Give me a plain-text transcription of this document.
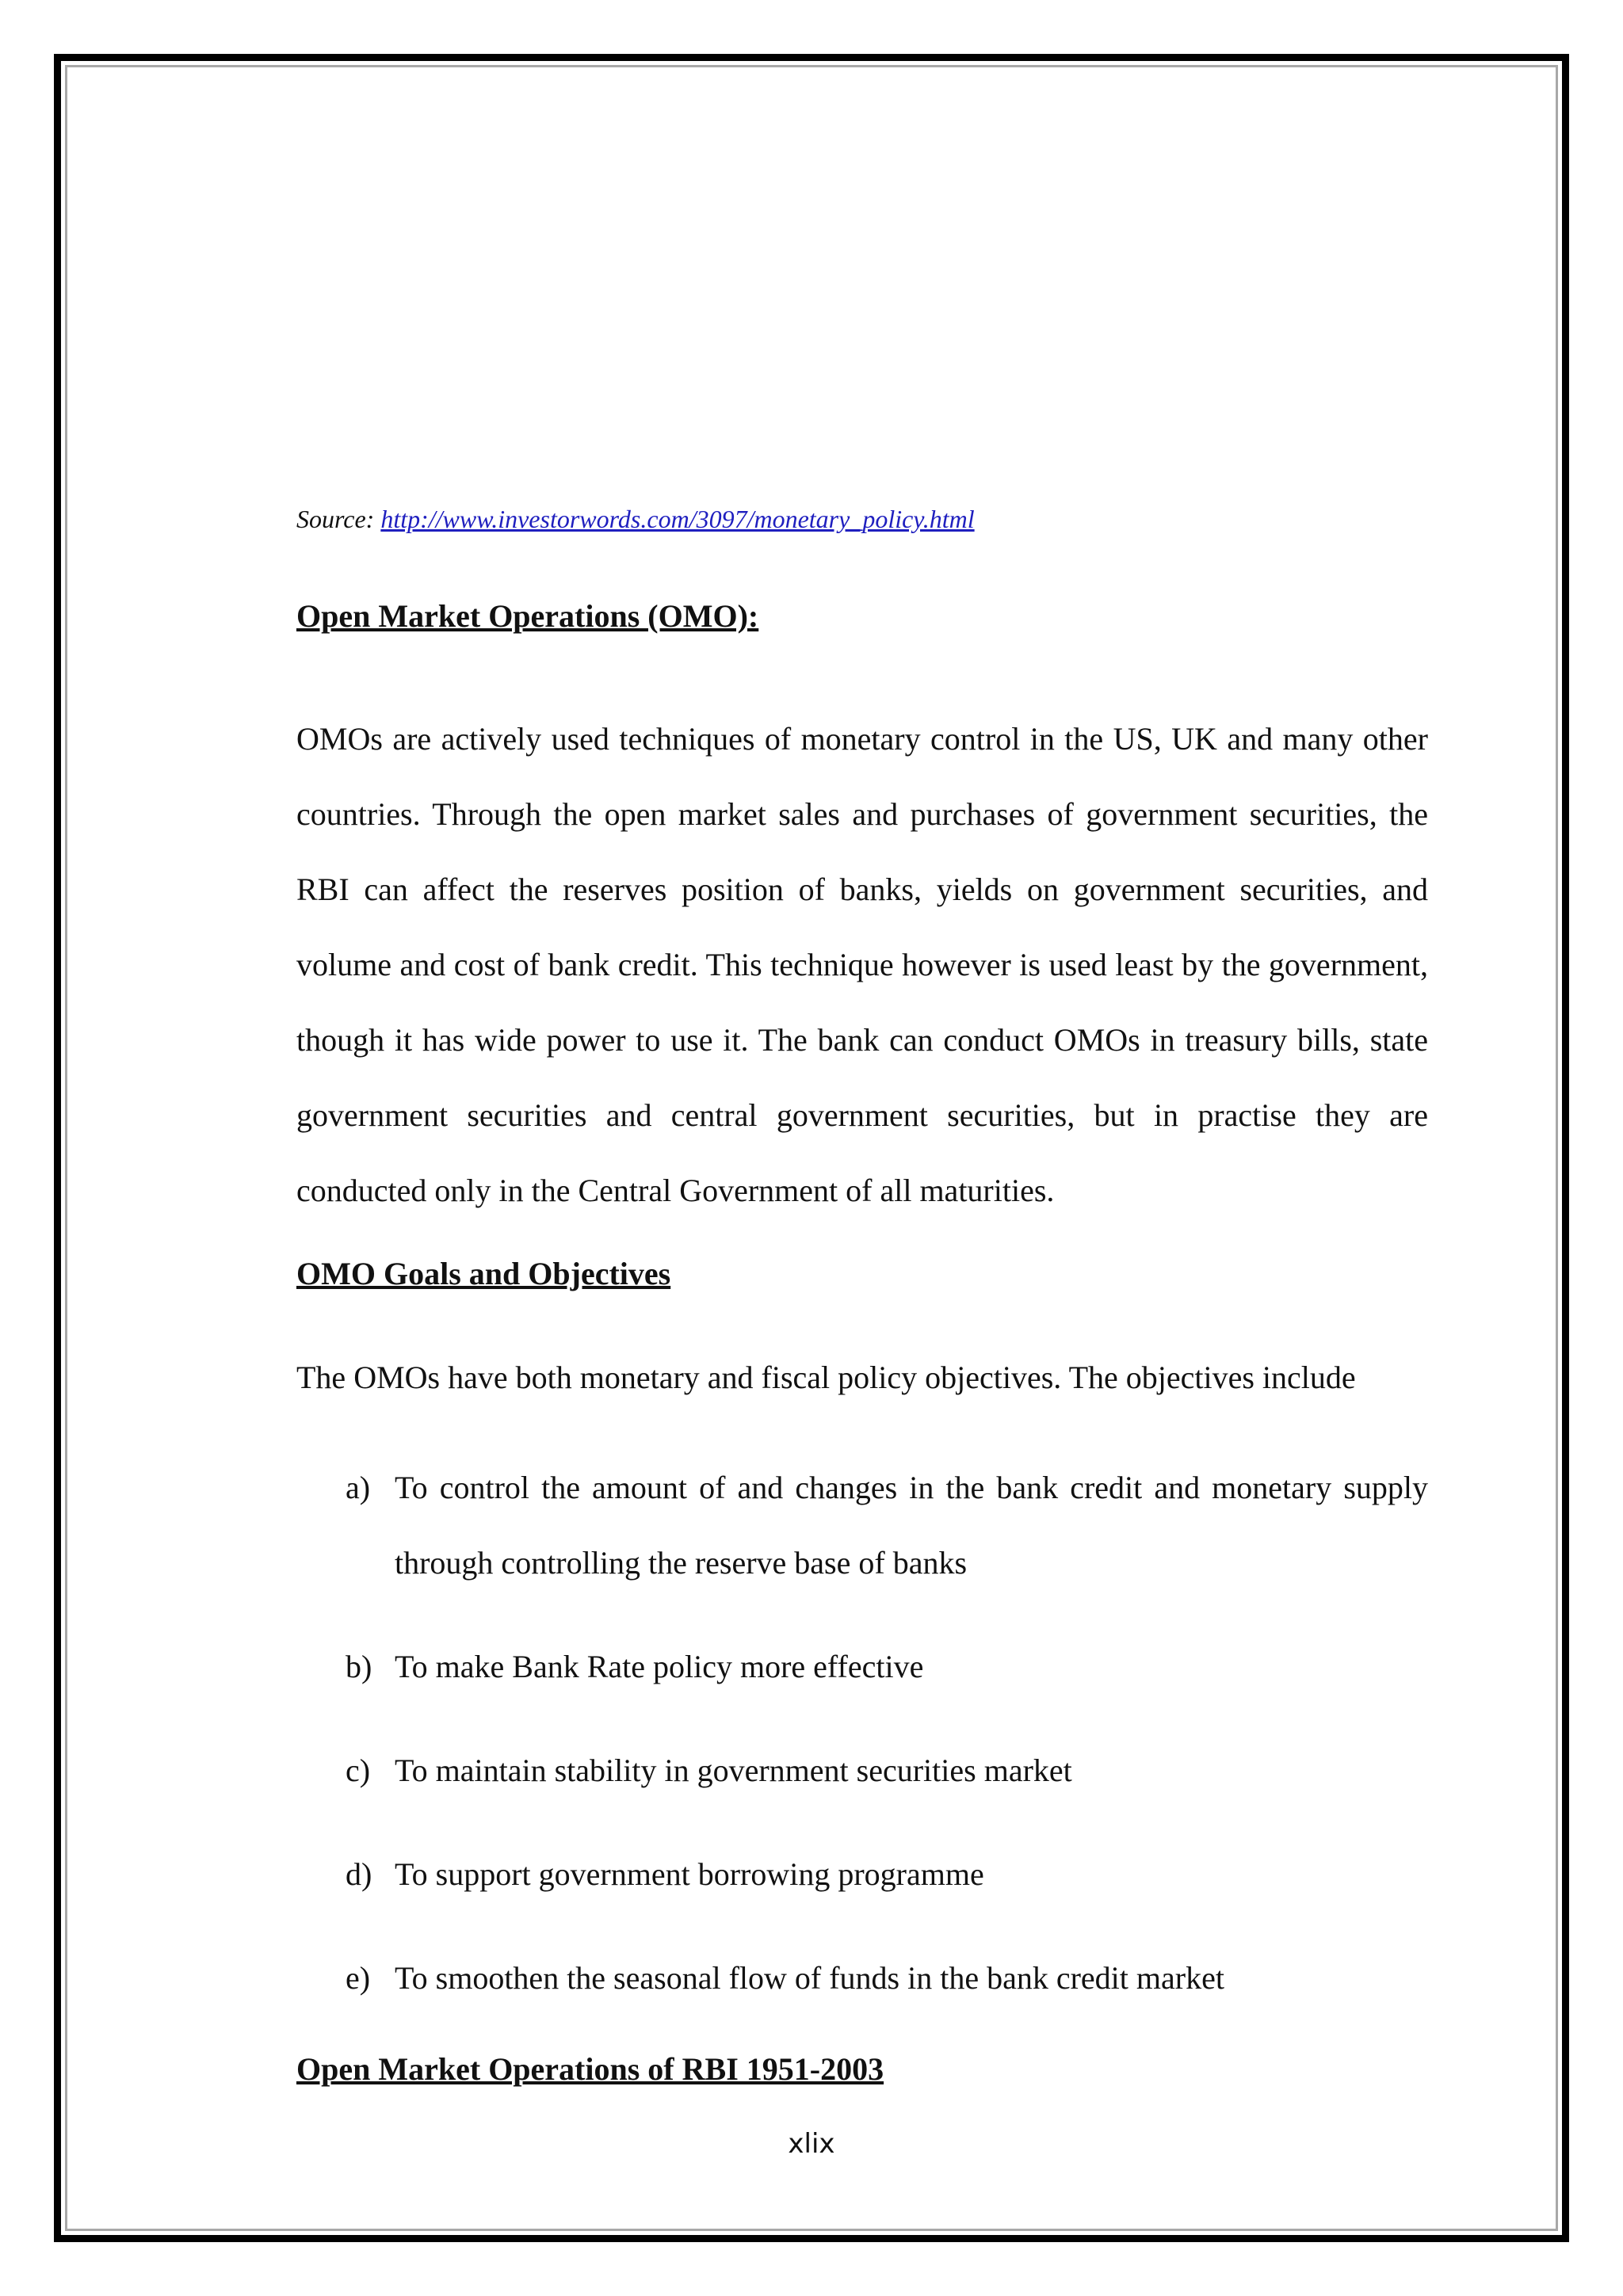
Source: http://www.investorwords.com/3097/monetary_policy.html
Open Market Operations (OMO):

OMOs are actively used techniques of monetary control in the US, UK and many other countries. Through the open market sales and purchases of government securities, the RBI can affect the reserves position of banks, yields on government securities, and volume and cost of bank credit. This technique however is used least by the government, though it has wide power to use it. The bank can conduct OMOs in treasury bills, state government securities and central government securities, but in practise they are conducted only in the Central Government of all maturities.

OMO Goals and Objectives

The OMOs have both monetary and fiscal policy objectives. The objectives include

a) To control the amount of and changes in the bank credit and monetary supply through controlling the reserve base of banks
b) To make Bank Rate policy more effective
c) To maintain stability in government securities market
d) To support government borrowing programme
e) To smoothen the seasonal flow of funds in the bank credit market
Open Market Operations of RBI 1951-2003
xlix
